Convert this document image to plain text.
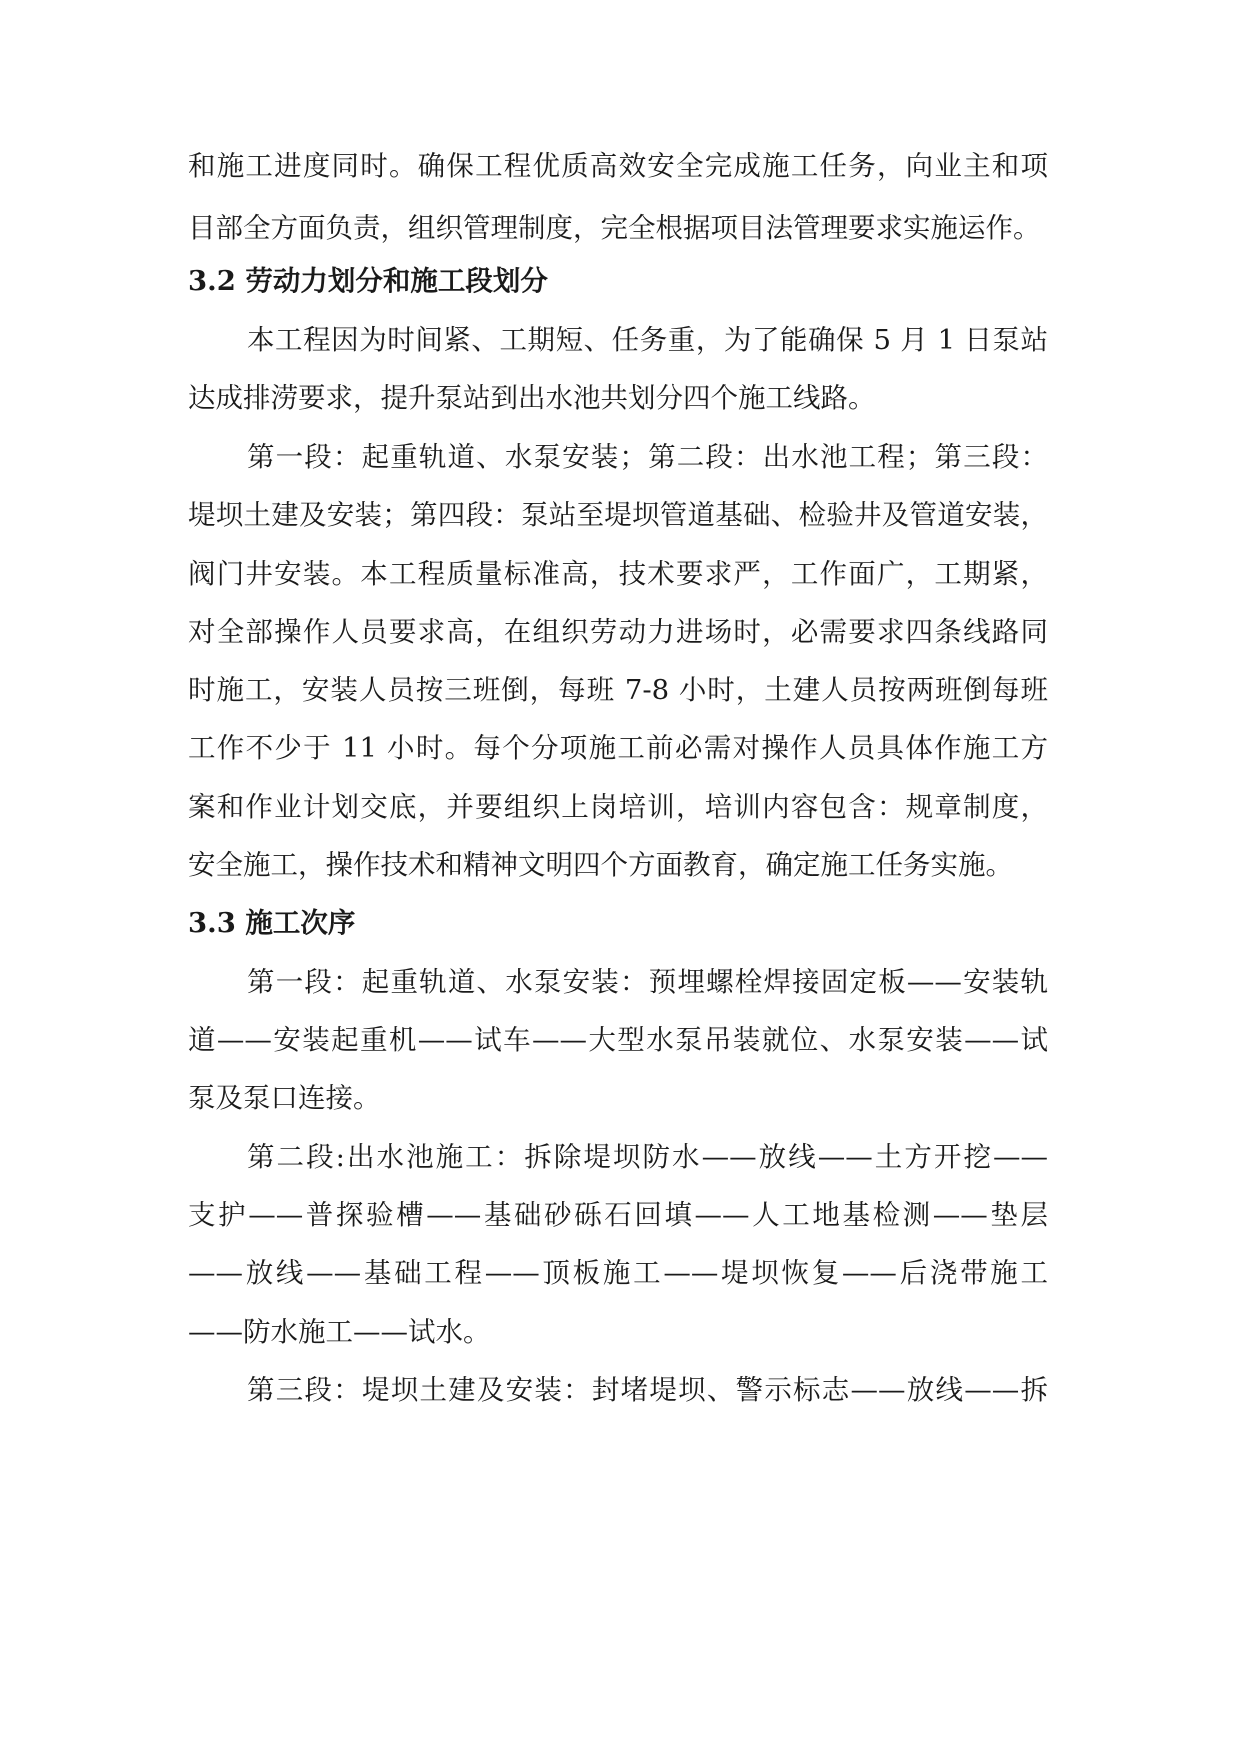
和施工进度同时。确保工程优质高效安全完成施工任务，向业主和项
目部全方面负责，组织管理制度，完全根据项目法管理要求实施运作。
3.2 劳动力划分和施工段划分
本工程因为时间紧、工期短、任务重，为了能确保 5 月 1 日泵站
达成排涝要求，提升泵站到出水池共划分四个施工线路。
第一段：起重轨道、水泵安装；第二段：出水池工程；第三段：
堤坝土建及安装；第四段：泵站至堤坝管道基础、检验井及管道安装，
阀门井安装。本工程质量标准高，技术要求严，工作面广，工期紧，
对全部操作人员要求高，在组织劳动力进场时，必需要求四条线路同
时施工，安装人员按三班倒，每班 7-8 小时，土建人员按两班倒每班
工作不少于 11 小时。每个分项施工前必需对操作人员具体作施工方
案和作业计划交底，并要组织上岗培训，培训内容包含：规章制度，
安全施工，操作技术和精神文明四个方面教育，确定施工任务实施。
3.3 施工次序
第一段：起重轨道、水泵安装：预埋螺栓焊接固定板——安装轨
道——安装起重机——试车——大型水泵吊装就位、水泵安装——试
泵及泵口连接。
第二段:出水池施工：拆除堤坝防水——放线——土方开挖——
支护——普探验槽——基础砂砾石回填——人工地基检测——垫层
——放线——基础工程——顶板施工——堤坝恢复——后浇带施工
——防水施工——试水。
第三段：堤坝土建及安装：封堵堤坝、警示标志——放线——拆
